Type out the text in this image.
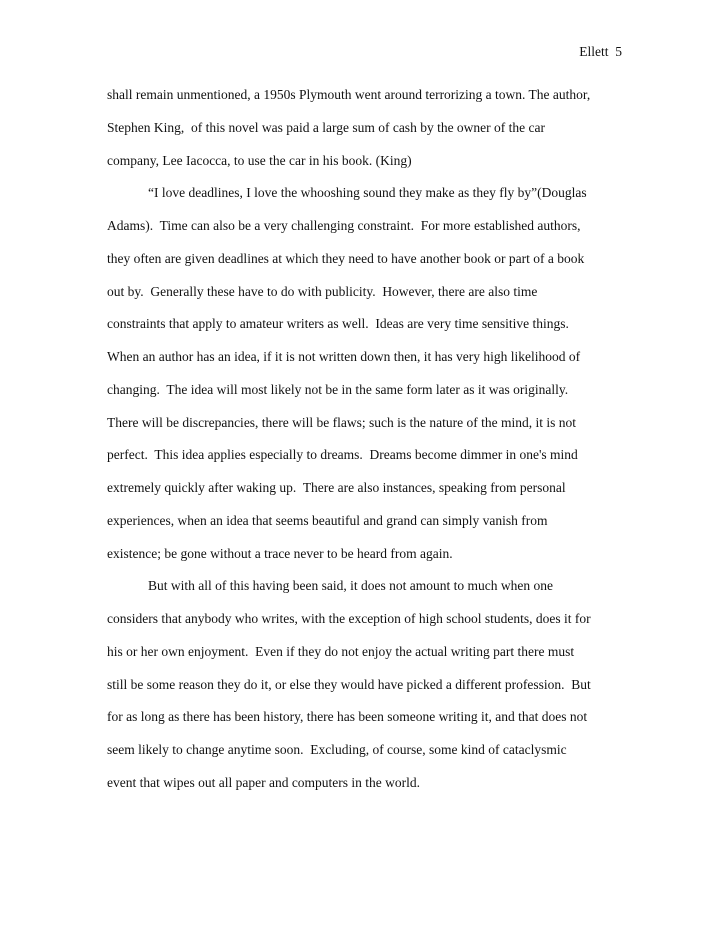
Ellett  5
shall remain unmentioned, a 1950s Plymouth went around terrorizing a town. The author,
Stephen King,  of this novel was paid a large sum of cash by the owner of the car
company, Lee Iacocca, to use the car in his book. (King)
“I love deadlines, I love the whooshing sound they make as they fly by”(Douglas
Adams).  Time can also be a very challenging constraint.  For more established authors,
they often are given deadlines at which they need to have another book or part of a book
out by.  Generally these have to do with publicity.  However, there are also time
constraints that apply to amateur writers as well.  Ideas are very time sensitive things.
When an author has an idea, if it is not written down then, it has very high likelihood of
changing.  The idea will most likely not be in the same form later as it was originally.
There will be discrepancies, there will be flaws; such is the nature of the mind, it is not
perfect.  This idea applies especially to dreams.  Dreams become dimmer in one's mind
extremely quickly after waking up.  There are also instances, speaking from personal
experiences, when an idea that seems beautiful and grand can simply vanish from
existence; be gone without a trace never to be heard from again.
But with all of this having been said, it does not amount to much when one
considers that anybody who writes, with the exception of high school students, does it for
his or her own enjoyment.  Even if they do not enjoy the actual writing part there must
still be some reason they do it, or else they would have picked a different profession.  But
for as long as there has been history, there has been someone writing it, and that does not
seem likely to change anytime soon.  Excluding, of course, some kind of cataclysmic
event that wipes out all paper and computers in the world.
